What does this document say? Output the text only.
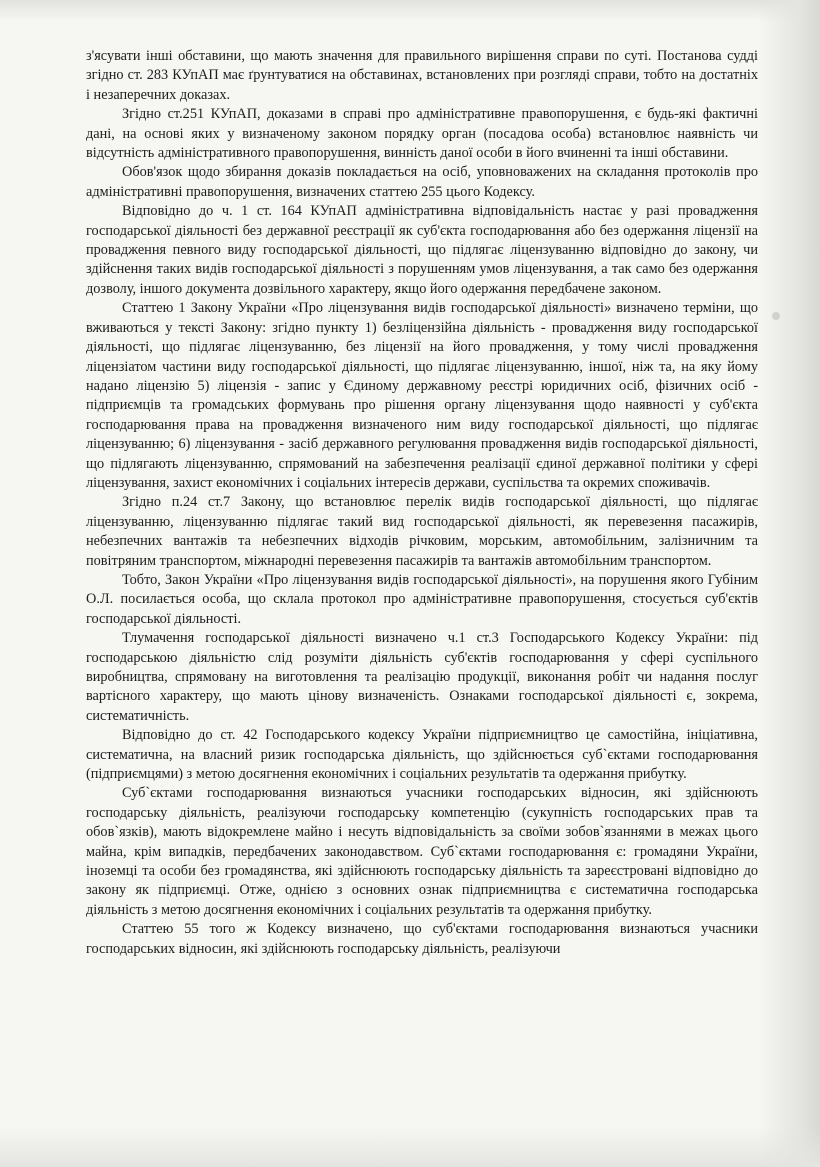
з'ясувати інші обставини, що мають значення для правильного вирішення справи по суті. Постанова судді згідно ст. 283 КУпАП має ґрунтуватися на обставинах, встановлених при розгляді справи, тобто на достатніх і незаперечних доказах.

Згідно ст.251 КУпАП, доказами в справі про адміністративне правопорушення, є будь-які фактичні дані, на основі яких у визначеному законом порядку орган (посадова особа) встановлює наявність чи відсутність адміністративного правопорушення, винність даної особи в його вчиненні та інші обставини.

Обов'язок щодо збирання доказів покладається на осіб, уповноважених на складання протоколів про адміністративні правопорушення, визначених статтею 255 цього Кодексу.

Відповідно до ч. 1 ст. 164 КУпАП адміністративна відповідальність настає у разі провадження господарської діяльності без державної реєстрації як суб'єкта господарювання або без одержання ліцензії на провадження певного виду господарської діяльності, що підлягає ліцензуванню відповідно до закону, чи здійснення таких видів господарської діяльності з порушенням умов ліцензування, а так само без одержання дозволу, іншого документа дозвільного характеру, якщо його одержання передбачене законом.

Статтею 1 Закону України «Про ліцензування видів господарської діяльності» визначено терміни, що вживаються у тексті Закону: згідно пункту 1) безліцензійна діяльність - провадження виду господарської діяльності, що підлягає ліцензуванню, без ліцензії на його провадження, у тому числі провадження ліцензіатом частини виду господарської діяльності, що підлягає ліцензуванню, іншої, ніж та, на яку йому надано ліцензію 5) ліцензія - запис у Єдиному державному реєстрі юридичних осіб, фізичних осіб - підприємців та громадських формувань про рішення органу ліцензування щодо наявності у суб'єкта господарювання права на провадження визначеного ним виду господарської діяльності, що підлягає ліцензуванню; 6) ліцензування - засіб державного регулювання провадження видів господарської діяльності, що підлягають ліцензуванню, спрямований на забезпечення реалізації єдиної державної політики у сфері ліцензування, захист економічних і соціальних інтересів держави, суспільства та окремих споживачів.

Згідно п.24 ст.7 Закону, що встановлює перелік видів господарської діяльності, що підлягає ліцензуванню, ліцензуванню підлягає такий вид господарської діяльності, як перевезення пасажирів, небезпечних вантажів та небезпечних відходів річковим, морським, автомобільним, залізничним та повітряним транспортом, міжнародні перевезення пасажирів та вантажів автомобільним транспортом.

Тобто, Закон України «Про ліцензування видів господарської діяльності», на порушення якого Губіним О.Л. посилається особа, що склала протокол про адміністративне правопорушення, стосується суб'єктів господарської діяльності.

Тлумачення господарської діяльності визначено ч.1 ст.3 Господарського Кодексу України: під господарською діяльністю слід розуміти діяльність суб'єктів господарювання у сфері суспільного виробництва, спрямовану на виготовлення та реалізацію продукції, виконання робіт чи надання послуг вартісного характеру, що мають цінову визначеність. Ознаками господарської діяльності є, зокрема, систематичність.

Відповідно до ст. 42 Господарського кодексу України підприємництво це самостійна, ініціативна, систематична, на власний ризик господарська діяльність, що здійснюється суб`єктами господарювання (підприємцями) з метою досягнення економічних і соціальних результатів та одержання прибутку.

Суб`єктами господарювання визнаються учасники господарських відносин, які здійснюють господарську діяльність, реалізуючи господарську компетенцію (сукупність господарських прав та обов`язків), мають відокремлене майно і несуть відповідальність за своїми зобов`язаннями в межах цього майна, крім випадків, передбачених законодавством. Суб`єктами господарювання є: громадяни України, іноземці та особи без громадянства, які здійснюють господарську діяльність та зареєстровані відповідно до закону як підприємці. Отже, однією з основних ознак підприємництва є систематична господарська діяльність з метою досягнення економічних і соціальних результатів та одержання прибутку.

Статтею 55 того ж Кодексу визначено, що суб'єктами господарювання визнаються учасники господарських відносин, які здійснюють господарську діяльність, реалізуючи
